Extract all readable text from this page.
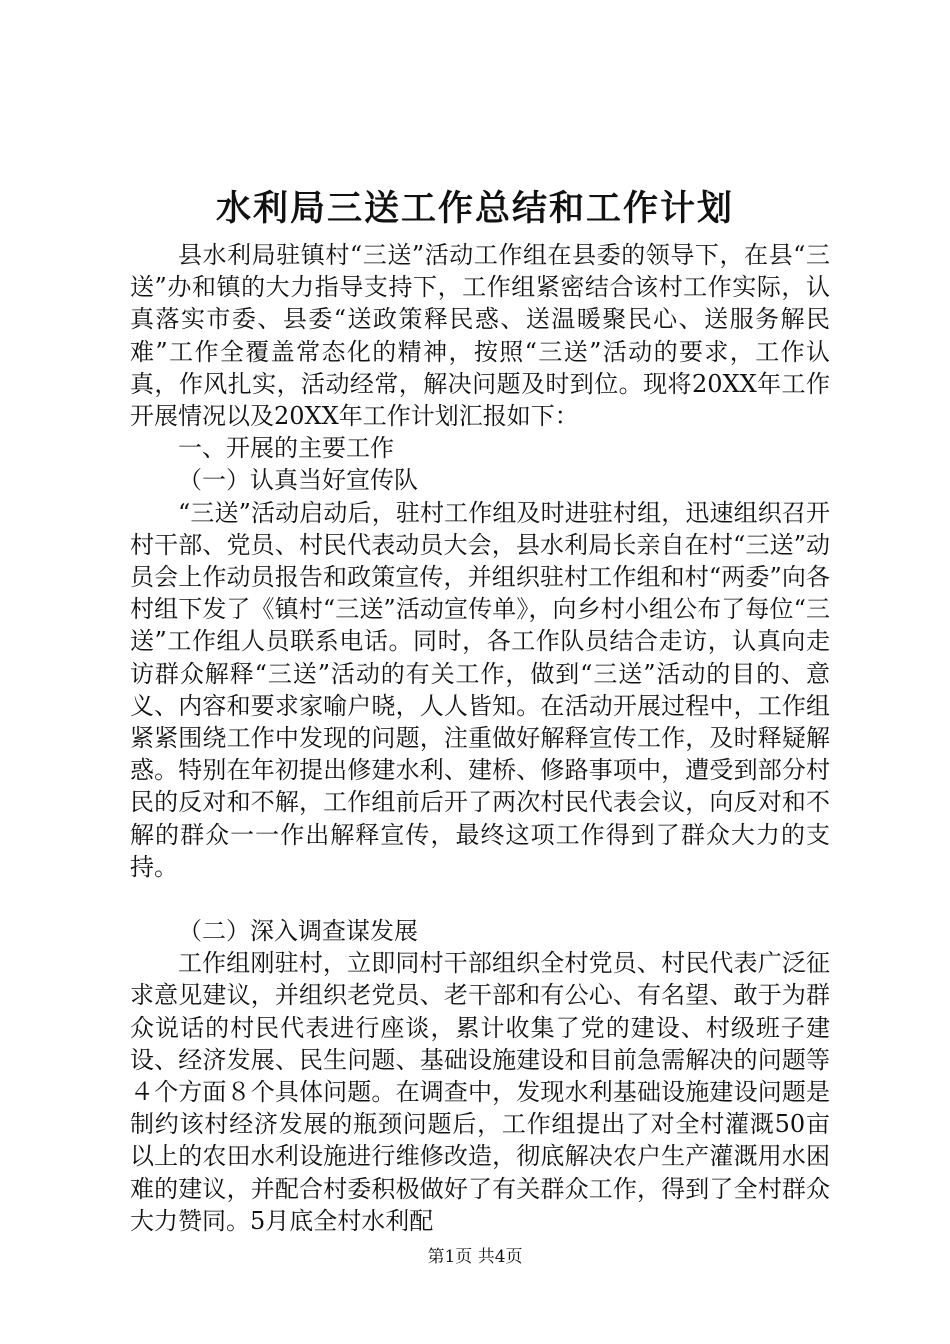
水利局三送工作总结和工作计划

县水利局驻镇村“三送”活动工作组在县委的领导下，在县“三送”办和镇的大力指导支持下，工作组紧密结合该村工作实际，认真落实市委、县委“送政策释民惑、送温暖聚民心、送服务解民难”工作全覆盖常态化的精神，按照“三送”活动的要求，工作认真，作风扎实，活动经常，解决问题及时到位。现将20XX年工作开展情况以及20XX年工作计划汇报如下：

一、开展的主要工作

（一）认真当好宣传队

“三送”活动启动后，驻村工作组及时进驻村组，迅速组织召开村干部、党员、村民代表动员大会，县水利局长亲自在村“三送”动员会上作动员报告和政策宣传，并组织驻村工作组和村“两委”向各村组下发了《镇村“三送”活动宣传单》，向乡村小组公布了每位“三送”工作组人员联系电话。同时，各工作队员结合走访，认真向走访群众解释“三送”活动的有关工作，做到“三送”活动的目的、意义、内容和要求家喻户晓，人人皆知。在活动开展过程中，工作组紧紧围绕工作中发现的问题，注重做好解释宣传工作，及时释疑解惑。特别在年初提出修建水利、建桥、修路事项中，遭受到部分村民的反对和不解，工作组前后开了两次村民代表会议，向反对和不解的群众一一作出解释宣传，最终这项工作得到了群众大力的支持。

（二）深入调查谋发展

工作组刚驻村，立即同村干部组织全村党员、村民代表广泛征求意见建议，并组织老党员、老干部和有公心、有名望、敢于为群众说话的村民代表进行座谈，累计收集了党的建设、村级班子建设、经济发展、民生问题、基础设施建设和目前急需解决的问题等４个方面８个具体问题。在调查中，发现水利基础设施建设问题是制约该村经济发展的瓶颈问题后，工作组提出了对全村灌溉50亩以上的农田水利设施进行维修改造，彻底解决农户生产灌溉用水困难的建议，并配合村委积极做好了有关群众工作，得到了全村群众大力赞同。5月底全村水利配

第1页 共4页
